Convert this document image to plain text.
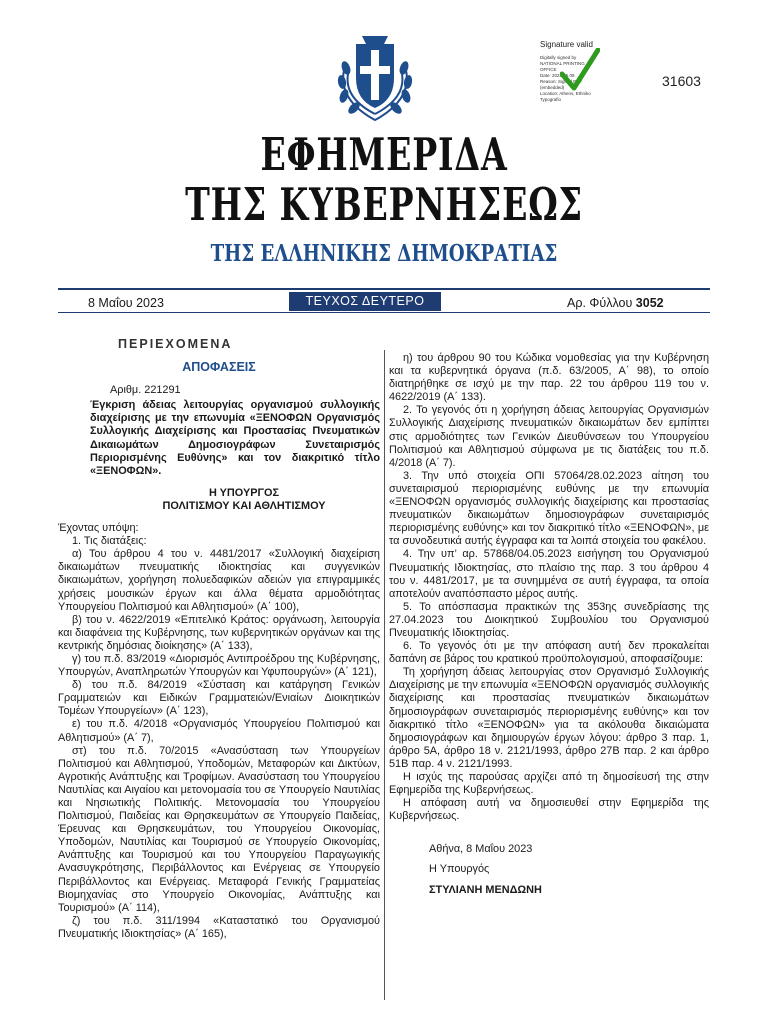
Signature valid
Digitally signed by
NATIONAL PRINTING
OFFICE
Date: 2023.05.08
Reason: Signed PDF
(embedded)
Location: Athens, Ethniko
Typografio
31603
ΕΦΗΜΕΡΙΔΑ
ΤΗΣ ΚΥΒΕΡΝΗΣΕΩΣ
ΤΗΣ ΕΛΛΗΝΙΚΗΣ ΔΗΜΟΚΡΑΤΙΑΣ
8 Μαΐου 2023	ΤΕΥΧΟΣ ΔΕΥΤΕΡΟ	Αρ. Φύλλου 3052

ΠΕΡΙΕΧΟΜΕΝΑ

ΑΠΟΦΑΣΕΙΣ

Αριθμ. 221291

Έγκριση άδειας λειτουργίας οργανισμού συλλογικής διαχείρισης με την επωνυμία «ΞΕΝΟΦΩΝ Οργανισμός Συλλογικής Διαχείρισης και Προστασίας Πνευματικών Δικαιωμάτων Δημοσιογράφων Συνεταιρισμός Περιορισμένης Ευθύνης» και τον διακριτικό τίτλο «ΞΕΝΟΦΩΝ».

Η ΥΠΟΥΡΓΟΣ

ΠΟΛΙΤΙΣΜΟΥ ΚΑΙ ΑΘΛΗΤΙΣΜΟΥ

Έχοντας υπόψη:

1. Τις διατάξεις:

α) Του άρθρου 4 του ν. 4481/2017 «Συλλογική διαχείριση δικαιωμάτων πνευματικής ιδιοκτησίας και συγγενικών δικαιωμάτων, χορήγηση πολυεδαφικών αδειών για επιγραμμικές χρήσεις μουσικών έργων και άλλα θέματα αρμοδιότητας Υπουργείου Πολιτισμού και Αθλητισμού» (Α΄ 100),

β) του ν. 4622/2019 «Επιτελικό Κράτος: οργάνωση, λειτουργία και διαφάνεια της Κυβέρνησης, των κυβερνητικών οργάνων και της κεντρικής δημόσιας διοίκησης» (Α΄ 133),

γ) του π.δ. 83/2019 «Διορισμός Αντιπροέδρου της Κυβέρνησης, Υπουργών, Αναπληρωτών Υπουργών και Υφυπουργών» (Α΄ 121),

δ) του π.δ. 84/2019 «Σύσταση και κατάργηση Γενικών Γραμματειών και Ειδικών Γραμματειών/Ενιαίων Διοικητικών Τομέων Υπουργείων» (Α΄ 123),

ε) του π.δ. 4/2018 «Οργανισμός Υπουργείου Πολιτισμού και Αθλητισμού» (Α΄ 7),

στ) του π.δ. 70/2015 «Ανασύσταση των Υπουργείων Πολιτισμού και Αθλητισμού, Υποδομών, Μεταφορών και Δικτύων, Αγροτικής Ανάπτυξης και Τροφίμων. Ανασύσταση του Υπουργείου Ναυτιλίας και Αιγαίου και μετονομασία του σε Υπουργείο Ναυτιλίας και Νησιωτικής Πολιτικής. Μετονομασία του Υπουργείου Πολιτισμού, Παιδείας και Θρησκευμάτων σε Υπουργείο Παιδείας, Έρευνας και Θρησκευμάτων, του Υπουργείου Οικονομίας, Υποδομών, Ναυτιλίας και Τουρισμού σε Υπουργείο Οικονομίας, Ανάπτυξης και Τουρισμού και του Υπουργείου Παραγωγικής Ανασυγκρότησης, Περιβάλλοντος και Ενέργειας σε Υπουργείο Περιβάλλοντος και Ενέργειας. Μεταφορά Γενικής Γραμματείας Βιομηχανίας στο Υπουργείο Οικονομίας, Ανάπτυξης και Τουρισμού» (Α΄ 114),

ζ) του π.δ. 311/1994 «Καταστατικό του Οργανισμού Πνευματικής Ιδιοκτησίας» (Α΄ 165),

η) του άρθρου 90 του Κώδικα νομοθεσίας για την Κυβέρνηση και τα κυβερνητικά όργανα (π.δ. 63/2005, Α΄ 98), το οποίο διατηρήθηκε σε ισχύ με την παρ. 22 του άρθρου 119 του ν. 4622/2019 (Α΄ 133).

2. Το γεγονός ότι η χορήγηση άδειας λειτουργίας Οργανισμών Συλλογικής Διαχείρισης πνευματικών δικαιωμάτων δεν εμπίπτει στις αρμοδιότητες των Γενικών Διευθύνσεων του Υπουργείου Πολιτισμού και Αθλητισμού σύμφωνα με τις διατάξεις του π.δ. 4/2018 (Α΄ 7).

3. Την υπό στοιχεία ΟΠΙ 57064/28.02.2023 αίτηση του συνεταιρισμού περιορισμένης ευθύνης με την επωνυμία «ΞΕΝΟΦΩΝ οργανισμός συλλογικής διαχείρισης και προστασίας πνευματικών δικαιωμάτων δημοσιογράφων συνεταιρισμός περιορισμένης ευθύνης» και τον διακριτικό τίτλο «ΞΕΝΟΦΩΝ», με τα συνοδευτικά αυτής έγγραφα και τα λοιπά στοιχεία του φακέλου.

4. Την υπ’ αρ. 57868/04.05.2023 εισήγηση του Οργανισμού Πνευματικής Ιδιοκτησίας, στο πλαίσιο της παρ. 3 του άρθρου 4 του ν. 4481/2017, με τα συνημμένα σε αυτή έγγραφα, τα οποία αποτελούν αναπόσπαστο μέρος αυτής.

5. Το απόσπασμα πρακτικών της 353ης συνεδρίασης της 27.04.2023 του Διοικητικού Συμβουλίου του Οργανισμού Πνευματικής Ιδιοκτησίας.

6. Το γεγονός ότι με την απόφαση αυτή δεν προκαλείται δαπάνη σε βάρος του κρατικού προϋπολογισμού, αποφασίζουμε:

Τη χορήγηση άδειας λειτουργίας στον Οργανισμό Συλλογικής Διαχείρισης με την επωνυμία «ΞΕΝΟΦΩΝ οργανισμός συλλογικής διαχείρισης και προστασίας πνευματικών δικαιωμάτων δημοσιογράφων συνεταιρισμός περιορισμένης ευθύνης» και τον διακριτικό τίτλο «ΞΕΝΟΦΩΝ» για τα ακόλουθα δικαιώματα δημοσιογράφων και δημιουργών έργων λόγου: άρθρο 3 παρ. 1, άρθρο 5Α, άρθρο 18 ν. 2121/1993, άρθρο 27Β παρ. 2 και άρθρο 51Β παρ. 4 ν. 2121/1993.

Η ισχύς της παρούσας αρχίζει από τη δημοσίευσή της στην Εφημερίδα της Κυβερνήσεως.

Η απόφαση αυτή να δημοσιευθεί στην Εφημερίδα της Κυβερνήσεως.

Αθήνα, 8 Μαΐου 2023

Η Υπουργός

ΣΤΥΛΙΑΝΗ ΜΕΝΔΩΝΗ
